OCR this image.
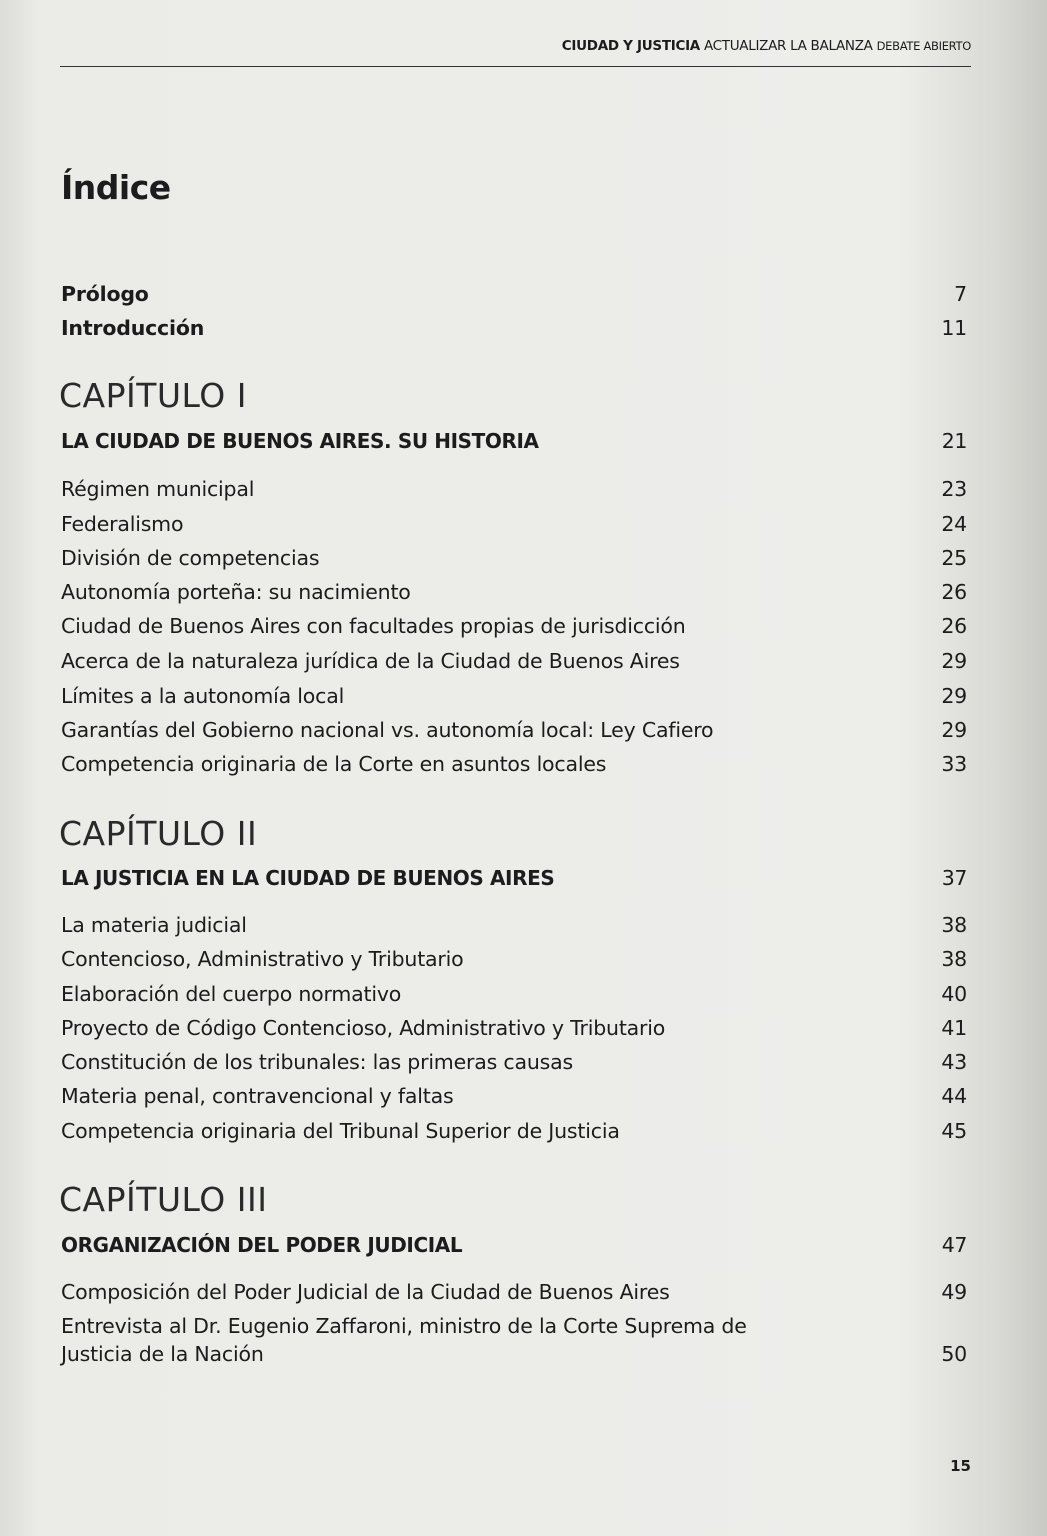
CIUDAD Y JUSTICIA ACTUALIZAR LA BALANZA DEBATE ABIERTO
Índice
Prólogo	7
Introducción	11
CAPÍTULO I
LA CIUDAD DE BUENOS AIRES. SU HISTORIA	21
Régimen municipal	23
Federalismo	24
División de competencias	25
Autonomía porteña: su nacimiento	26
Ciudad de Buenos Aires con facultades propias de jurisdicción	26
Acerca de la naturaleza jurídica de la Ciudad de Buenos Aires	29
Límites a la autonomía local	29
Garantías del Gobierno nacional vs. autonomía local: Ley Cafiero	29
Competencia originaria de la Corte en asuntos locales	33
CAPÍTULO II
LA JUSTICIA EN LA CIUDAD DE BUENOS AIRES	37
La materia judicial	38
Contencioso, Administrativo y Tributario	38
Elaboración del cuerpo normativo	40
Proyecto de Código Contencioso, Administrativo y Tributario	41
Constitución de los tribunales: las primeras causas	43
Materia penal, contravencional y faltas	44
Competencia originaria del Tribunal Superior de Justicia	45
CAPÍTULO III
ORGANIZACIÓN DEL PODER JUDICIAL	47
Composición del Poder Judicial de la Ciudad de Buenos Aires	49
Entrevista al Dr. Eugenio Zaffaroni, ministro de la Corte Suprema de Justicia de la Nación	50
15
